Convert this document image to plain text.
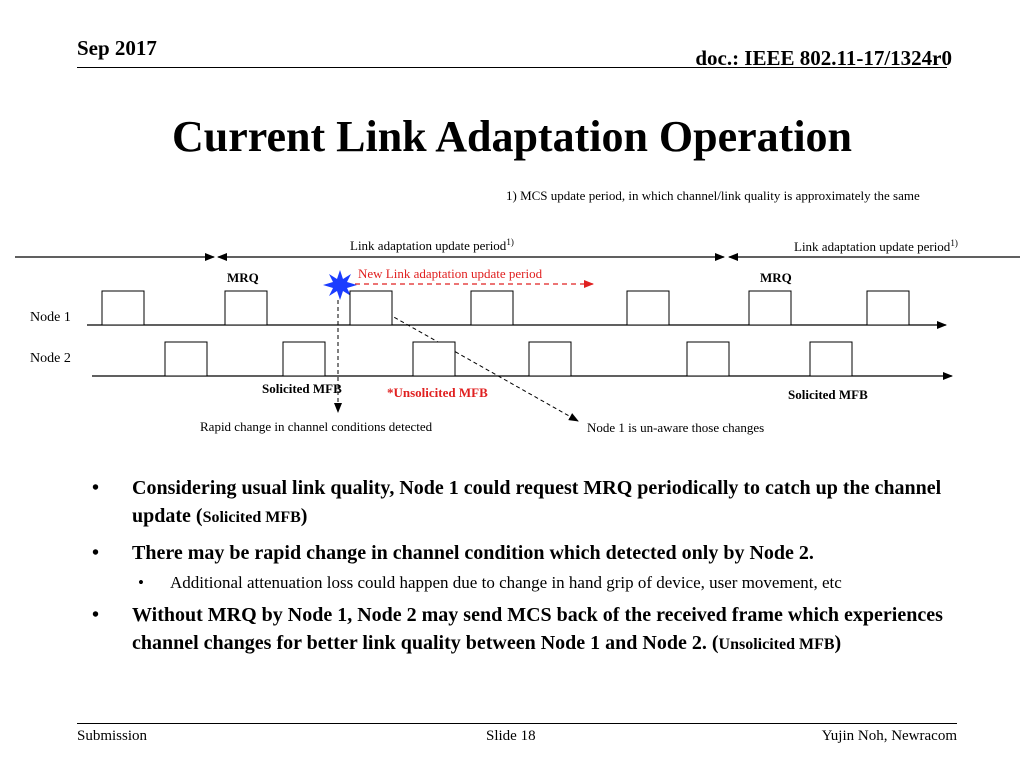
Sep 2017	doc.: IEEE 802.11-17/1324r0
Current Link Adaptation Operation
1) MCS update period, in which channel/link quality is approximately the same
Link adaptation update period$^{1)}$	Link adaptation update period$^{1)}$
New Link adaptation update period
MRQ	MRQ
Node 1
Node 2
Solicited MFB	*Unsolicited MFB	Solicited MFB
Rapid change in channel conditions detected	Node 1 is un-aware those changes
• Considering usual link quality, Node 1 could request MRQ periodically to catch up the channel update (Solicited MFB)
• There may be rapid change in channel condition which detected only by Node 2.
• Additional attenuation loss could happen due to change in hand grip of device, user movement, etc
• Without MRQ by Node 1, Node 2 may send MCS back of the received frame which experiences channel changes for better link quality between Node 1 and Node 2. (Unsolicited MFB)
Submission	Slide 18	Yujin Noh, Newracom
